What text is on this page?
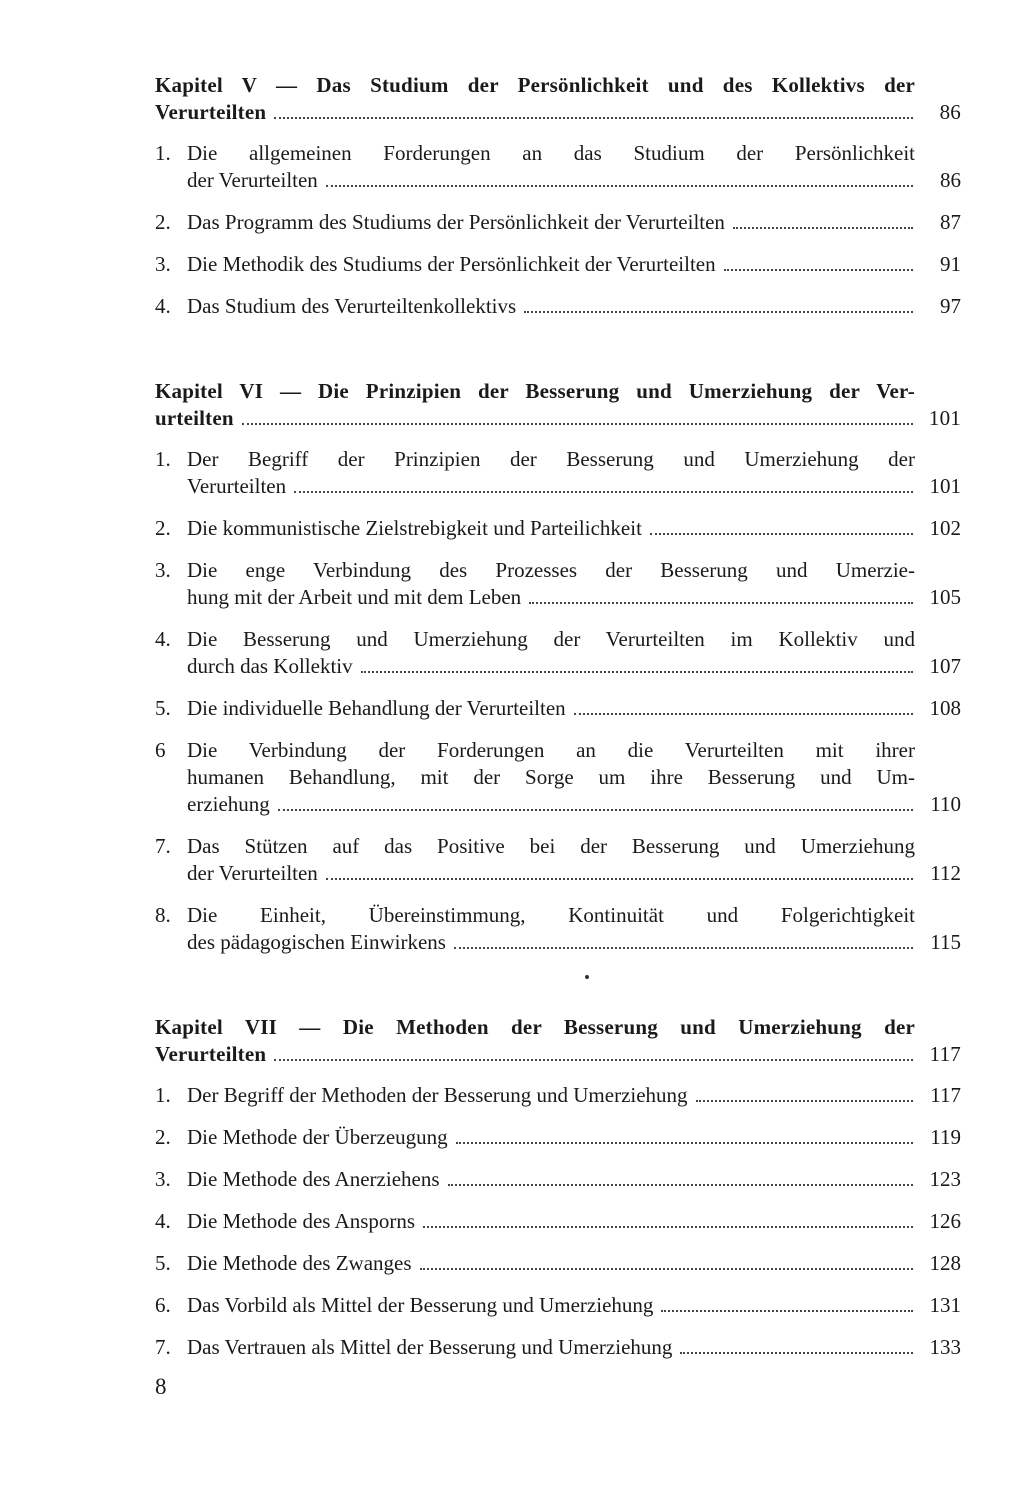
Kapitel V — Das Studium der Persönlichkeit und des Kollektivs der
Verurteilten	86
1. Die allgemeinen Forderungen an das Studium der Persönlichkeit
der Verurteilten	86
2. Das Programm des Studiums der Persönlichkeit der Verurteilten	87
3. Die Methodik des Studiums der Persönlichkeit der Verurteilten	91
4. Das Studium des Verurteiltenkollektivs	97
Kapitel VI — Die Prinzipien der Besserung und Umerziehung der Ver-
urteilten	101
1. Der Begriff der Prinzipien der Besserung und Umerziehung der
Verurteilten	101
2. Die kommunistische Zielstrebigkeit und Parteilichkeit	102
3. Die enge Verbindung des Prozesses der Besserung und Umerzie-
hung mit der Arbeit und mit dem Leben	105
4. Die Besserung und Umerziehung der Verurteilten im Kollektiv und
durch das Kollektiv	107
5. Die individuelle Behandlung der Verurteilten	108
6	Die Verbindung der Forderungen an die Verurteilten mit ihrer
humanen Behandlung, mit der Sorge um ihre Besserung und Um-
erziehung	110
7. Das Stützen auf das Positive bei der Besserung und Umerziehung
der Verurteilten	112
8. Die Einheit, Übereinstimmung, Kontinuität und Folgerichtigkeit
des pädagogischen Einwirkens	115
Kapitel VII — Die Methoden der Besserung und Umerziehung der
Verurteilten	117
1. Der Begriff der Methoden der Besserung und Umerziehung	117
2. Die Methode der Überzeugung	119
3. Die Methode des Anerziehens	123
4. Die Methode des Ansporns	126
5. Die Methode des Zwanges	128
6. Das Vorbild als Mittel der Besserung und Umerziehung	131
7. Das Vertrauen als Mittel der Besserung und Umerziehung	133
8
